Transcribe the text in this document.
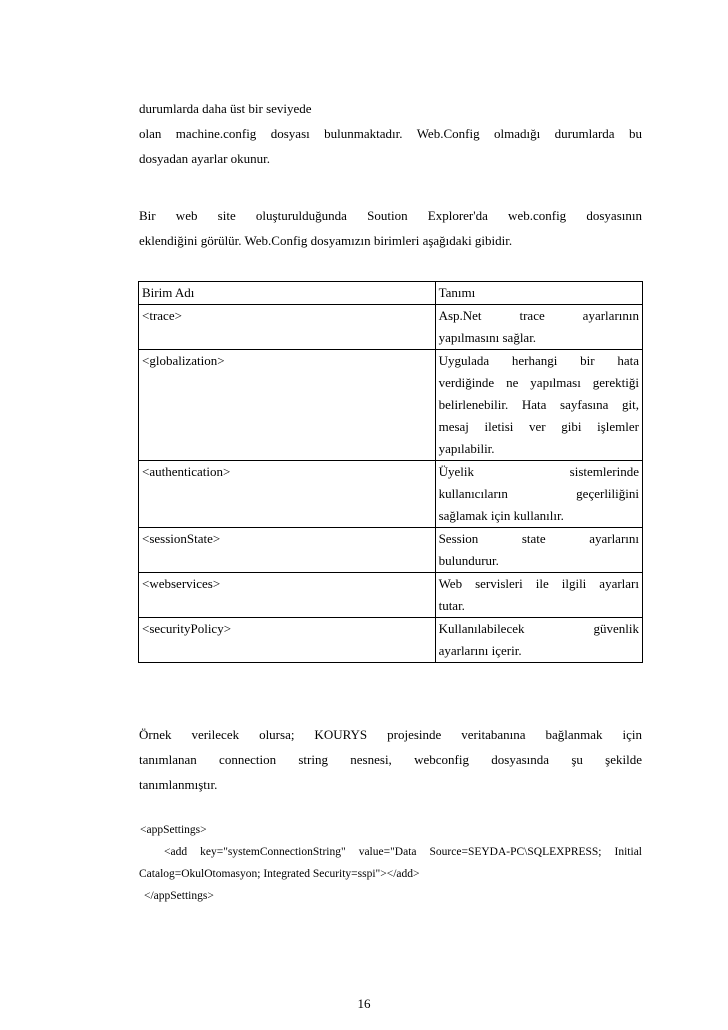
durumlarda daha üst bir seviyede
olan machine.config dosyası bulunmaktadır. Web.Config olmadığı durumlarda bu
dosyadan ayarlar okunur.
Bir web site oluşturulduğunda Soution Explorer'da web.config dosyasının
eklendiğini görülür. Web.Config dosyamızın birimleri aşağıdaki gibidir.
Birim Adı	Tanımı
<trace>	Asp.Net trace ayarlarının
yapılmasını sağlar.

<globalization>	Uygulada herhangi bir hata
verdiğinde ne yapılması gerektiği
belirlenebilir. Hata sayfasına git,
mesaj iletisi ver gibi işlemler
yapılabilir.

<authentication>	Üyelik sistemlerinde
kullanıcıların geçerliliğini
sağlamak için kullanılır.

<sessionState>	Session state ayarlarını
bulundurur.

<webservices>	Web servisleri ile ilgili ayarları
tutar.

<securityPolicy>	Kullanılabilecek güvenlik
ayarlarını içerir.
Örnek verilecek olursa; KOURYS projesinde veritabanına bağlanmak için
tanımlanan connection string nesnesi, webconfig dosyasında şu şekilde
tanımlanmıştır.
<appSettings>
<add key="systemConnectionString" value="Data Source=SEYDA-PC\SQLEXPRESS; Initial
Catalog=OkulOtomasyon; Integrated Security=sspi"></add>
</appSettings>
16
